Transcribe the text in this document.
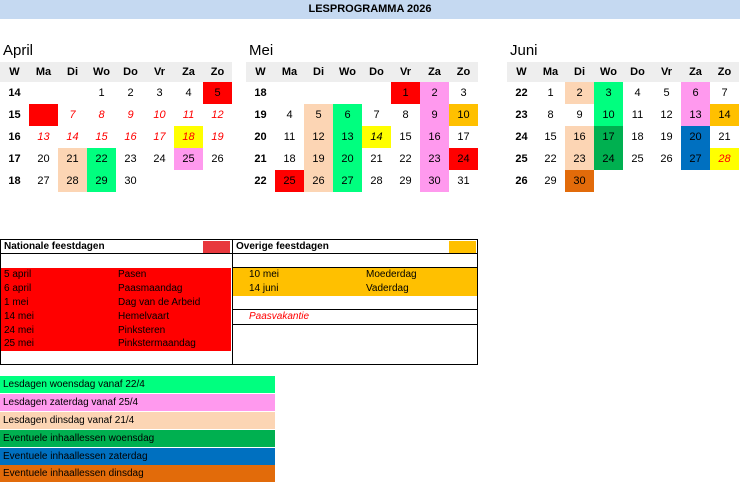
LESPROGRAMMA 2026
April
W	Ma	Di	Wo	Do	Vr	Za	Zo
14			1	2	3	4	5
15		7	8	9	10	11	12
16	13	14	15	16	17	18	19
17	20	21	22	23	24	25	26
18	27	28	29	30			
Mei
W	Ma	Di	Wo	Do	Vr	Za	Zo
18					1	2	3
19	4	5	6	7	8	9	10
20	11	12	13	14	15	16	17
21	18	19	20	21	22	23	24
22	25	26	27	28	29	30	31
Juni
W	Ma	Di	Wo	Do	Vr	Za	Zo
22	1	2	3	4	5	6	7
23	8	9	10	11	12	13	14
24	15	16	17	18	19	20	21
25	22	23	24	25	26	27	28
26	29	30					
Nationale feestdagen
5 april	Pasen
6 april	Paasmaandag
1 mei	Dag van de Arbeid
14 mei	Hemelvaart
24 mei	Pinksteren
25 mei	Pinkstermaandag
Overige feestdagen
10 mei	Moederdag
14 juni	Vaderdag
Paasvakantie
Lesdagen woensdag vanaf 22/4
Lesdagen zaterdag vanaf 25/4
Lesdagen dinsdag vanaf 21/4
Eventuele inhaallessen woensdag
Eventuele inhaallessen zaterdag
Eventuele inhaallessen dinsdag
